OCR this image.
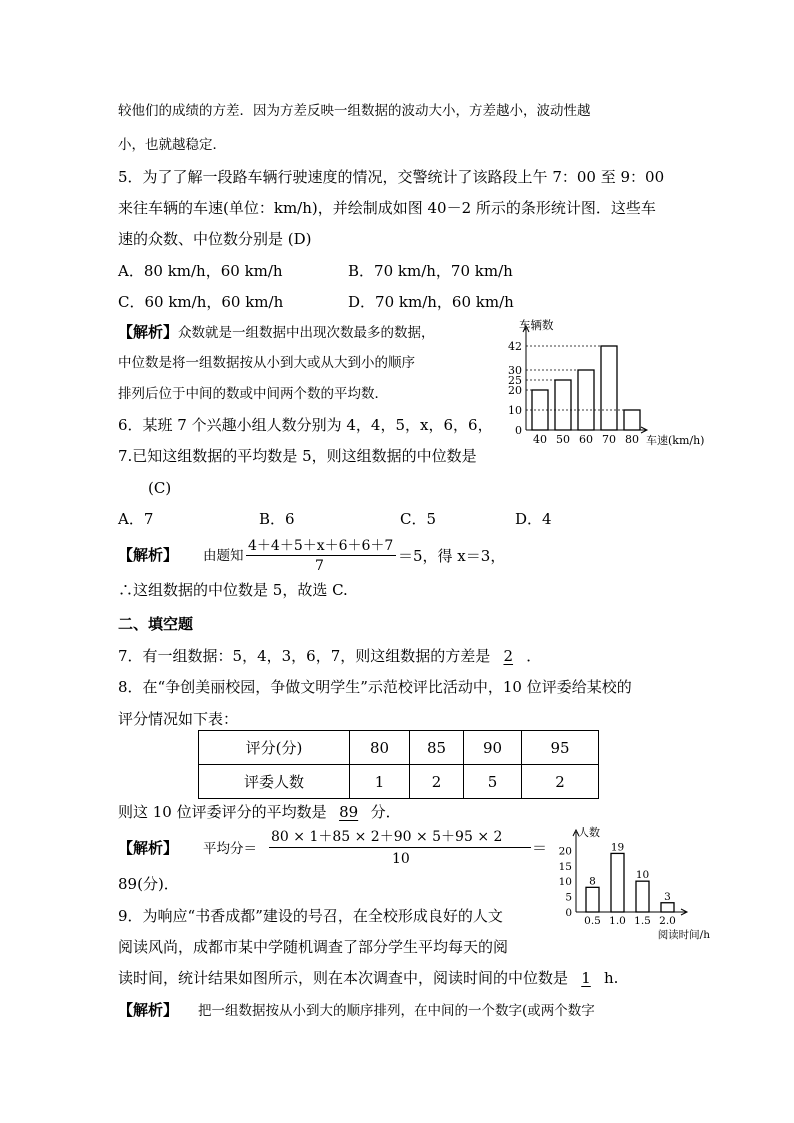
较他们的成绩的方差．因为方差反映一组数据的波动大小，方差越小，波动性越
小，也就越稳定．
5．为了了解一段路车辆行驶速度的情况，交警统计了该路段上午 7：00 至 9：00
来往车辆的车速(单位：km/h)，并绘制成如图 40－2 所示的条形统计图．这些车
速的众数、中位数分别是 (D)
A．80 km/h，60 km/h	B．70 km/h，70 km/h
C．60 km/h，60 km/h	D．70 km/h，60 km/h
【解析】众数就是一组数据中出现次数最多的数据，
中位数是将一组数据按从小到大或从大到小的顺序
排列后位于中间的数或中间两个数的平均数．
车辆数
车速(km/h)
40 50 60 70 80
0
10
20
25
30
42
6．某班 7 个兴趣小组人数分别为 4，4，5，x，6，6，
7.已知这组数据的平均数是 5，则这组数据的中位数是
(C)
A．7	B．6	C．5	D．4
【解析】 由题知
4＋4＋5＋x＋6＋6＋7
7
＝5，得 x＝3，
∴这组数据的中位数是 5，故选 C.
二、填空题
7．有一组数据：5，4，3，6，7，则这组数据的方差是 2 ．
8．在“争创美丽校园，争做文明学生”示范校评比活动中，10 位评委给某校的
评分情况如下表：
评分(分)	80	85	90	95
评委人数	1	2	5	2
则这 10 位评委评分的平均数是 89 分．
【解析】 平均分＝
80 × 1＋85 × 2＋90 × 5＋95 × 2
10
＝
89(分)．
人数
阅读时间/h
8
0.5
19
1.0
10
1.5
3
2.0
0
5
10
15
20
9．为响应“书香成都”建设的号召，在全校形成良好的人文
阅读风尚，成都市某中学随机调查了部分学生平均每天的阅
读时间，统计结果如图所示，则在本次调查中，阅读时间的中位数是 1 h.
【解析】 把一组数据按从小到大的顺序排列，在中间的一个数字(或两个数字
